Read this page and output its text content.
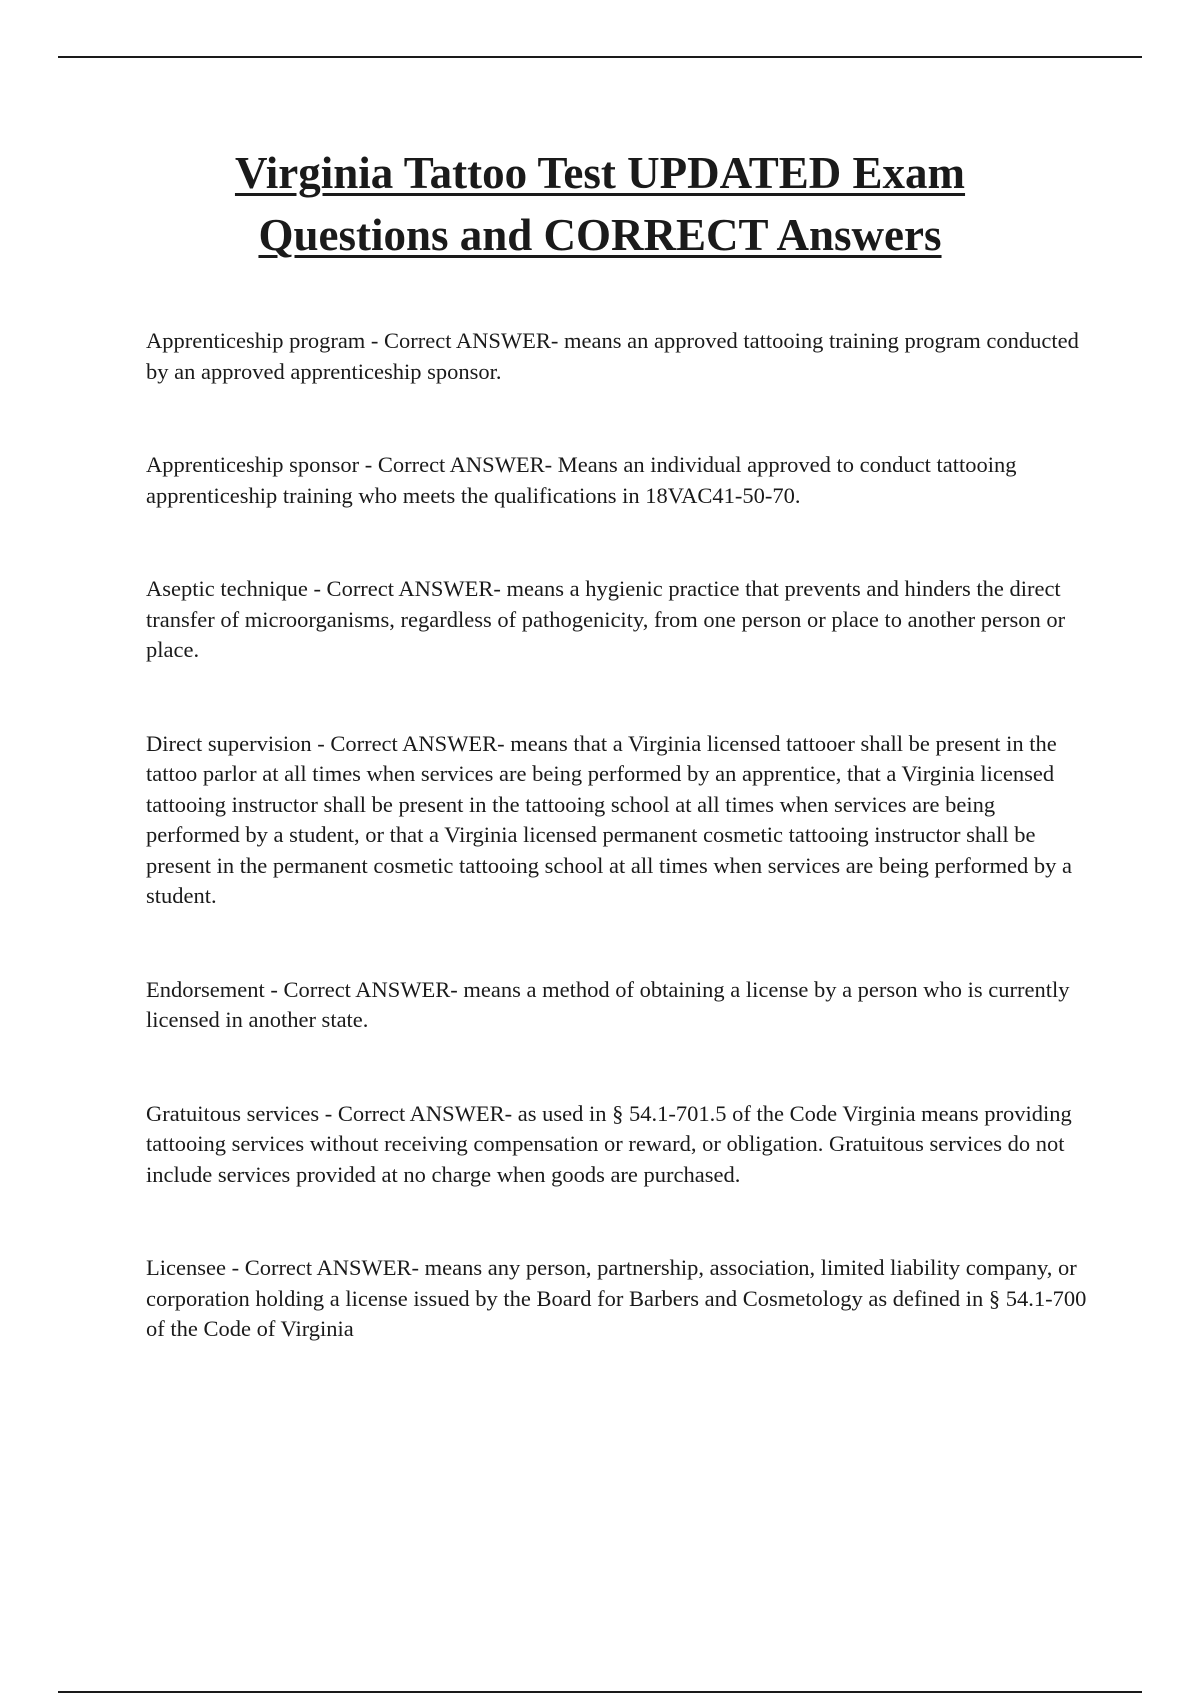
Virginia Tattoo Test UPDATED Exam
Questions and CORRECT Answers

Apprenticeship program - Correct ANSWER- means an approved tattooing training program conducted by an approved apprenticeship sponsor.

Apprenticeship sponsor - Correct ANSWER- Means an individual approved to conduct tattooing apprenticeship training who meets the qualifications in 18VAC41-50-70.

Aseptic technique - Correct ANSWER- means a hygienic practice that prevents and hinders the direct transfer of microorganisms, regardless of pathogenicity, from one person or place to another person or place.

Direct supervision - Correct ANSWER- means that a Virginia licensed tattooer shall be present in the tattoo parlor at all times when services are being performed by an apprentice, that a Virginia licensed tattooing instructor shall be present in the tattooing school at all times when services are being performed by a student, or that a Virginia licensed permanent cosmetic tattooing instructor shall be present in the permanent cosmetic tattooing school at all times when services are being performed by a student.

Endorsement - Correct ANSWER- means a method of obtaining a license by a person who is currently licensed in another state.

Gratuitous services - Correct ANSWER- as used in § 54.1-701.5 of the Code Virginia means providing tattooing services without receiving compensation or reward, or obligation. Gratuitous services do not include services provided at no charge when goods are purchased.

Licensee - Correct ANSWER- means any person, partnership, association, limited liability company, or corporation holding a license issued by the Board for Barbers and Cosmetology as defined in § 54.1-700 of the Code of Virginia
